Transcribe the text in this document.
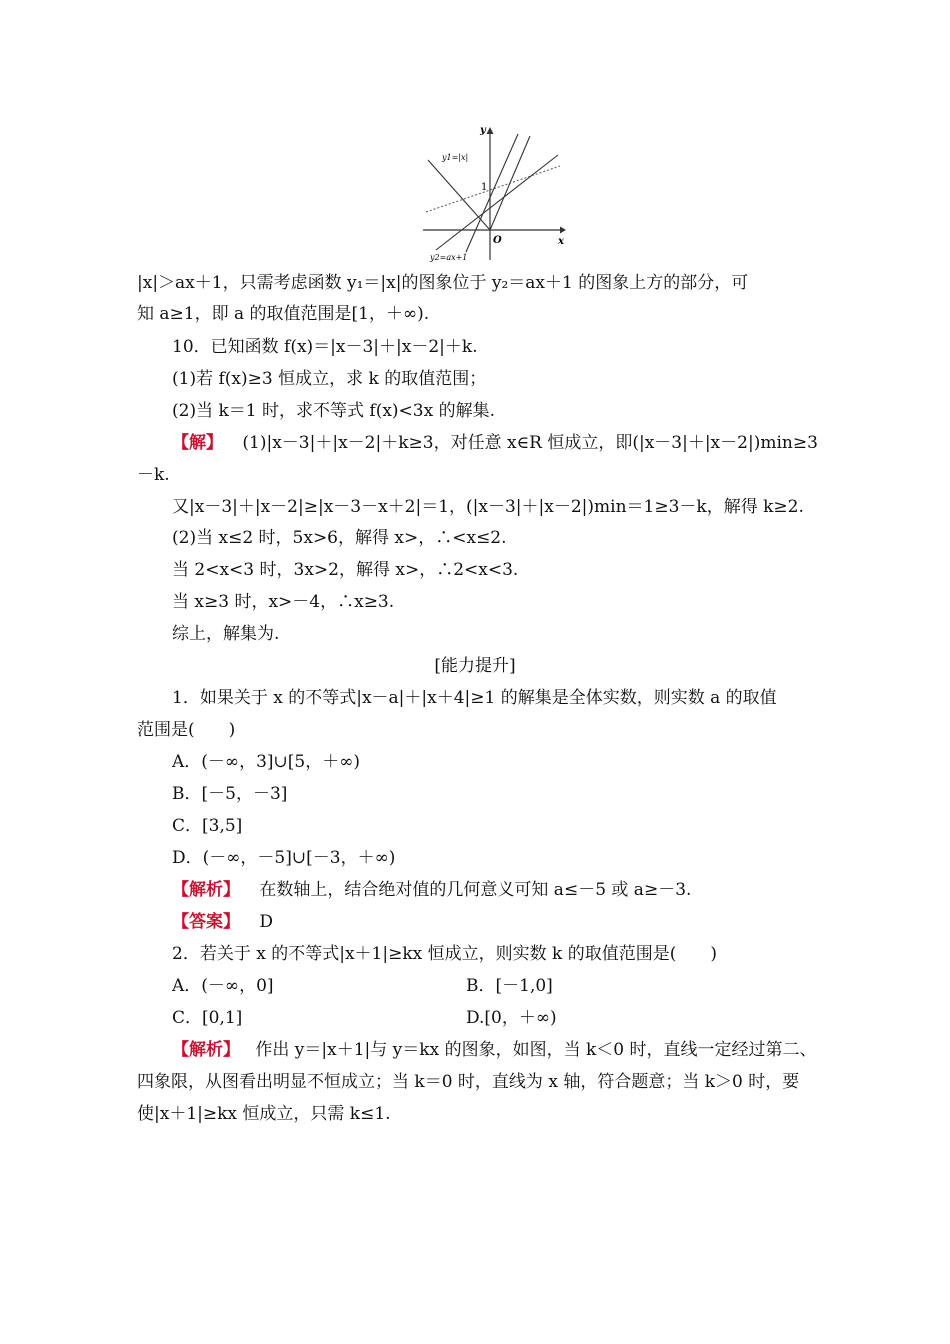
y
x
O
1
y1=|x|
y2=ax+1
|x|＞ax＋1，只需考虑函数 y₁＝|x|的图象位于 y₂＝ax＋1 的图象上方的部分，可
知 a≥1，即 a 的取值范围是[1，＋∞).
10．已知函数 f(x)＝|x－3|＋|x－2|＋k.
(1)若 f(x)≥3 恒成立，求 k 的取值范围；
(2)当 k＝1 时，求不等式 f(x)<3x 的解集.
【解】 (1)|x－3|＋|x－2|＋k≥3，对任意 x∈R 恒成立，即(|x－3|＋|x－2|)min≥3
－k.
又|x－3|＋|x－2|≥|x－3－x＋2|＝1，(|x－3|＋|x－2|)min＝1≥3－k，解得 k≥2.
(2)当 x≤2 时，5x>6，解得 x>，∴<x≤2.
当 2<x<3 时，3x>2，解得 x>，∴2<x<3.
当 x≥3 时，x>－4，∴x≥3.
综上，解集为.
[能力提升]
1．如果关于 x 的不等式|x－a|＋|x＋4|≥1 的解集是全体实数，则实数 a 的取值
范围是(　　)
A．(－∞，3]∪[5，＋∞)
B．[－5，－3]
C．[3,5]
D．(－∞，－5]∪[－3，＋∞)
【解析】 在数轴上，结合绝对值的几何意义可知 a≤－5 或 a≥－3.
【答案】 D
2．若关于 x 的不等式|x＋1|≥kx 恒成立，则实数 k 的取值范围是(　　)
A．(－∞，0]	B．[－1,0]
C．[0,1]	D.[0，＋∞)
【解析】 作出 y＝|x＋1|与 y＝kx 的图象，如图，当 k＜0 时，直线一定经过第二、
四象限，从图看出明显不恒成立；当 k＝0 时，直线为 x 轴，符合题意；当 k＞0 时，要
使|x＋1|≥kx 恒成立，只需 k≤1.
